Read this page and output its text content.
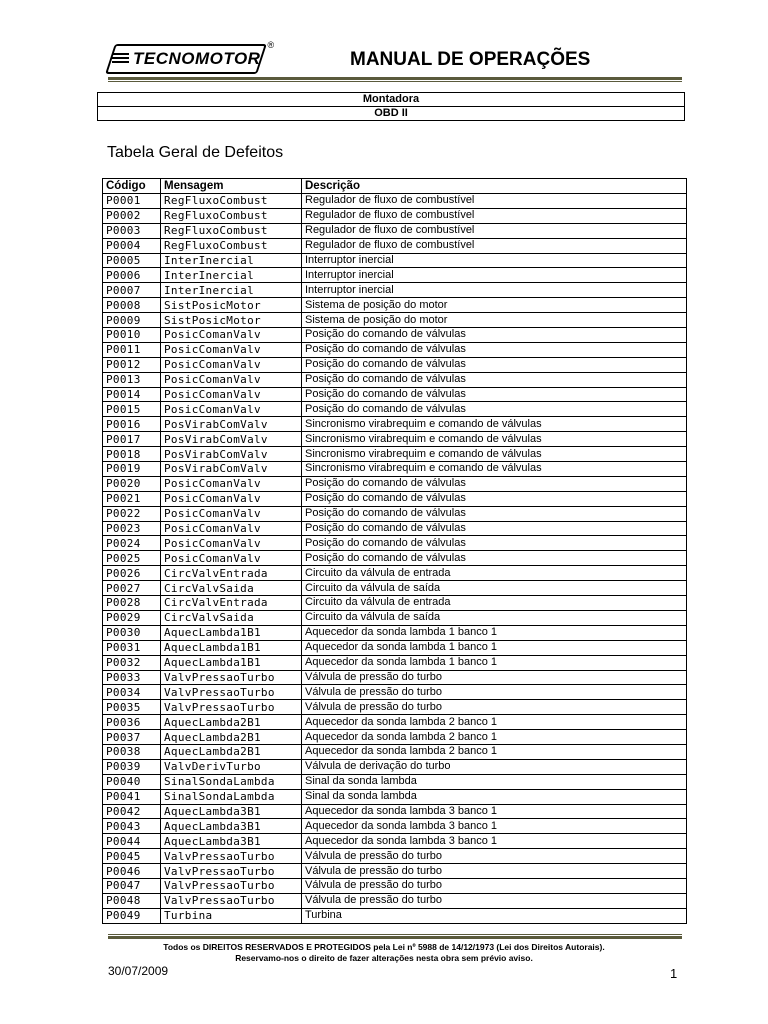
TECNOMOTOR
®
MANUAL DE OPERAÇÕES
Montadora
OBD II
Tabela Geral de Defeitos
Código	Mensagem	Descrição
P0001	RegFluxoCombust	Regulador de fluxo de combustível
P0002	RegFluxoCombust	Regulador de fluxo de combustível
P0003	RegFluxoCombust	Regulador de fluxo de combustível
P0004	RegFluxoCombust	Regulador de fluxo de combustível
P0005	InterInercial	Interruptor inercial
P0006	InterInercial	Interruptor inercial
P0007	InterInercial	Interruptor inercial
P0008	SistPosicMotor	Sistema de posição do motor
P0009	SistPosicMotor	Sistema de posição do motor
P0010	PosicComanValv	Posição do comando de válvulas
P0011	PosicComanValv	Posição do comando de válvulas
P0012	PosicComanValv	Posição do comando de válvulas
P0013	PosicComanValv	Posição do comando de válvulas
P0014	PosicComanValv	Posição do comando de válvulas
P0015	PosicComanValv	Posição do comando de válvulas
P0016	PosVirabComValv	Sincronismo virabrequim e comando de válvulas
P0017	PosVirabComValv	Sincronismo virabrequim e comando de válvulas
P0018	PosVirabComValv	Sincronismo virabrequim e comando de válvulas
P0019	PosVirabComValv	Sincronismo virabrequim e comando de válvulas
P0020	PosicComanValv	Posição do comando de válvulas
P0021	PosicComanValv	Posição do comando de válvulas
P0022	PosicComanValv	Posição do comando de válvulas
P0023	PosicComanValv	Posição do comando de válvulas
P0024	PosicComanValv	Posição do comando de válvulas
P0025	PosicComanValv	Posição do comando de válvulas
P0026	CircValvEntrada	Circuito da válvula de entrada
P0027	CircValvSaida	Circuito da válvula de saída
P0028	CircValvEntrada	Circuito da válvula de entrada
P0029	CircValvSaida	Circuito da válvula de saída
P0030	AquecLambda1B1	Aquecedor da sonda lambda 1 banco 1
P0031	AquecLambda1B1	Aquecedor da sonda lambda 1 banco 1
P0032	AquecLambda1B1	Aquecedor da sonda lambda 1 banco 1
P0033	ValvPressaoTurbo	Válvula de pressão do turbo
P0034	ValvPressaoTurbo	Válvula de pressão do turbo
P0035	ValvPressaoTurbo	Válvula de pressão do turbo
P0036	AquecLambda2B1	Aquecedor da sonda lambda 2 banco 1
P0037	AquecLambda2B1	Aquecedor da sonda lambda 2 banco 1
P0038	AquecLambda2B1	Aquecedor da sonda lambda 2 banco 1
P0039	ValvDerivTurbo	Válvula de derivação do turbo
P0040	SinalSondaLambda	Sinal da sonda lambda
P0041	SinalSondaLambda	Sinal da sonda lambda
P0042	AquecLambda3B1	Aquecedor da sonda lambda 3 banco 1
P0043	AquecLambda3B1	Aquecedor da sonda lambda 3 banco 1
P0044	AquecLambda3B1	Aquecedor da sonda lambda 3 banco 1
P0045	ValvPressaoTurbo	Válvula de pressão do turbo
P0046	ValvPressaoTurbo	Válvula de pressão do turbo
P0047	ValvPressaoTurbo	Válvula de pressão do turbo
P0048	ValvPressaoTurbo	Válvula de pressão do turbo
P0049	Turbina	Turbina
Todos os DIREITOS RESERVADOS E PROTEGIDOS pela Lei nº 5988 de 14/12/1973 (Lei dos Direitos Autorais).
Reservamo-nos o direito de fazer alterações nesta obra sem prévio aviso.
30/07/2009	1
